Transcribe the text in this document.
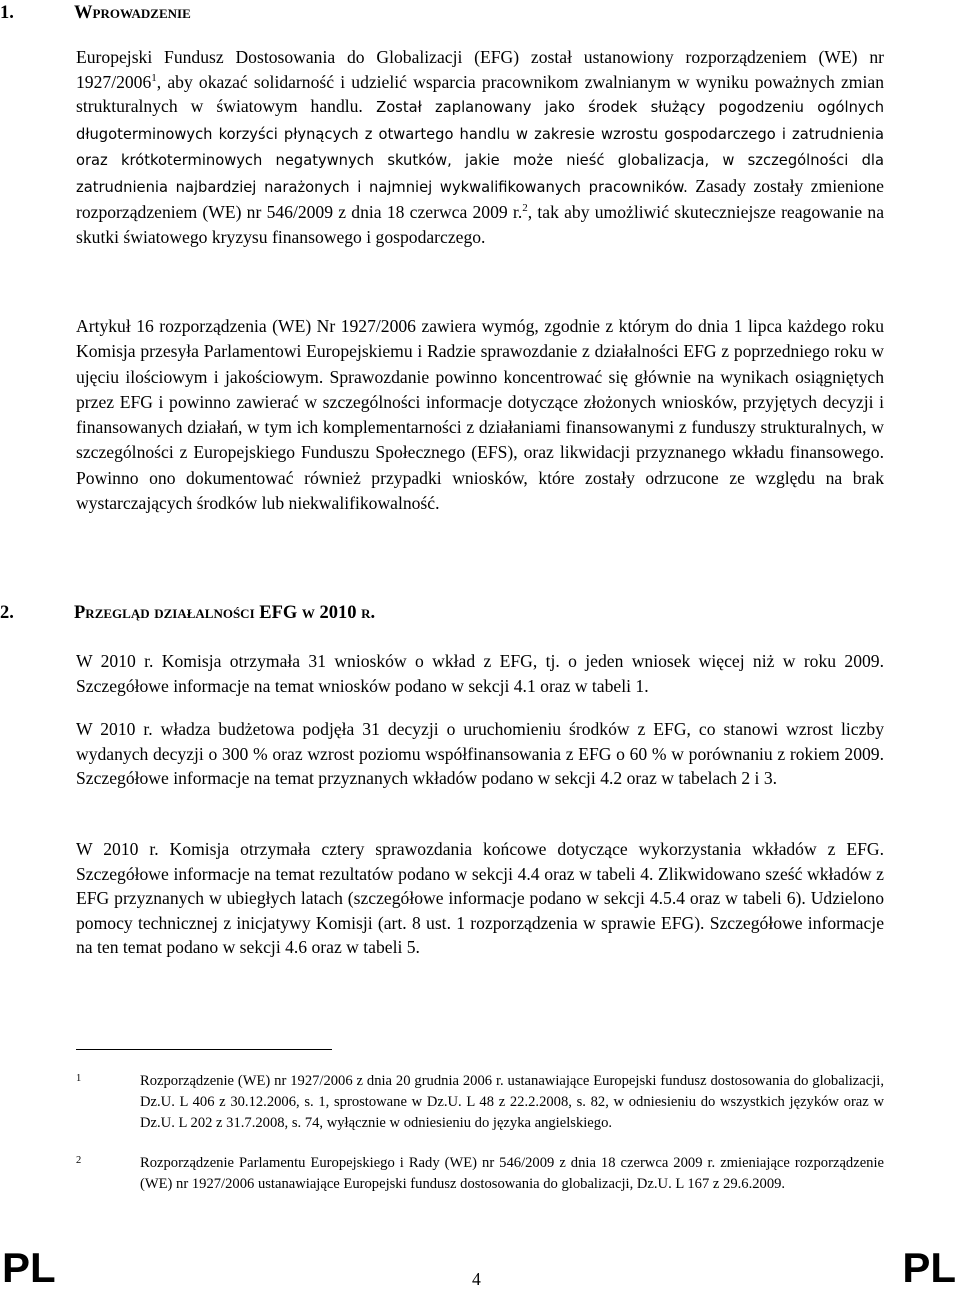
1.	Wprowadzenie

Europejski Fundusz Dostosowania do Globalizacji (EFG) został ustanowiony rozporządzeniem (WE) nr 1927/2006$^1$, aby okazać solidarność i udzielić wsparcia pracownikom zwalnianym w wyniku poważnych zmian strukturalnych w światowym handlu. Został zaplanowany jako środek służący pogodzeniu ogólnych długoterminowych korzyści płynących z otwartego handlu w zakresie wzrostu gospodarczego i zatrudnienia oraz krótkoterminowych negatywnych skutków, jakie może nieść globalizacja, w szczególności dla zatrudnienia najbardziej narażonych i najmniej wykwalifikowanych pracowników. Zasady zostały zmienione rozporządzeniem (WE) nr 546/2009 z dnia 18 czerwca 2009 r.$^2$, tak aby umożliwić skuteczniejsze reagowanie na skutki światowego kryzysu finansowego i gospodarczego.

Artykuł 16 rozporządzenia (WE) Nr 1927/2006 zawiera wymóg, zgodnie z którym do dnia 1 lipca każdego roku Komisja przesyła Parlamentowi Europejskiemu i Radzie sprawozdanie z działalności EFG z poprzedniego roku w ujęciu ilościowym i jakościowym. Sprawozdanie powinno koncentrować się głównie na wynikach osiągniętych przez EFG i powinno zawierać w szczególności informacje dotyczące złożonych wniosków, przyjętych decyzji i finansowanych działań, w tym ich komplementarności z działaniami finansowanymi z funduszy strukturalnych, w szczególności z Europejskiego Funduszu Społecznego (EFS), oraz likwidacji przyznanego wkładu finansowego. Powinno ono dokumentować również przypadki wniosków, które zostały odrzucone ze względu na brak wystarczających środków lub niekwalifikowalność.

2.	Przegląd działalności EFG w 2010 r.

W 2010 r. Komisja otrzymała 31 wniosków o wkład z EFG, tj. o jeden wniosek więcej niż w roku 2009. Szczegółowe informacje na temat wniosków podano w sekcji 4.1 oraz w tabeli 1.

W 2010 r. władza budżetowa podjęła 31 decyzji o uruchomieniu środków z EFG, co stanowi wzrost liczby wydanych decyzji o 300 % oraz wzrost poziomu współfinansowania z EFG o 60 % w porównaniu z rokiem 2009. Szczegółowe informacje na temat przyznanych wkładów podano w sekcji 4.2 oraz w tabelach 2 i 3.

W 2010 r. Komisja otrzymała cztery sprawozdania końcowe dotyczące wykorzystania wkładów z EFG. Szczegółowe informacje na temat rezultatów podano w sekcji 4.4 oraz w tabeli 4. Zlikwidowano sześć wkładów z EFG przyznanych w ubiegłych latach (szczegółowe informacje podano w sekcji 4.5.4 oraz w tabeli 6). Udzielono pomocy technicznej z inicjatywy Komisji (art. 8 ust. 1 rozporządzenia w sprawie EFG). Szczegółowe informacje na ten temat podano w sekcji 4.6 oraz w tabeli 5.

1	Rozporządzenie (WE) nr 1927/2006 z dnia 20 grudnia 2006 r. ustanawiające Europejski fundusz dostosowania do globalizacji, Dz.U. L 406 z 30.12.2006, s. 1, sprostowane w Dz.U. L 48 z 22.2.2008, s. 82, w odniesieniu do wszystkich języków oraz w Dz.U. L 202 z 31.7.2008, s. 74, wyłącznie w odniesieniu do języka angielskiego.

2	Rozporządzenie Parlamentu Europejskiego i Rady (WE) nr 546/2009 z dnia 18 czerwca 2009 r. zmieniające rozporządzenie (WE) nr 1927/2006 ustanawiające Europejski fundusz dostosowania do globalizacji, Dz.U. L 167 z 29.6.2009.

PL	4	PL
